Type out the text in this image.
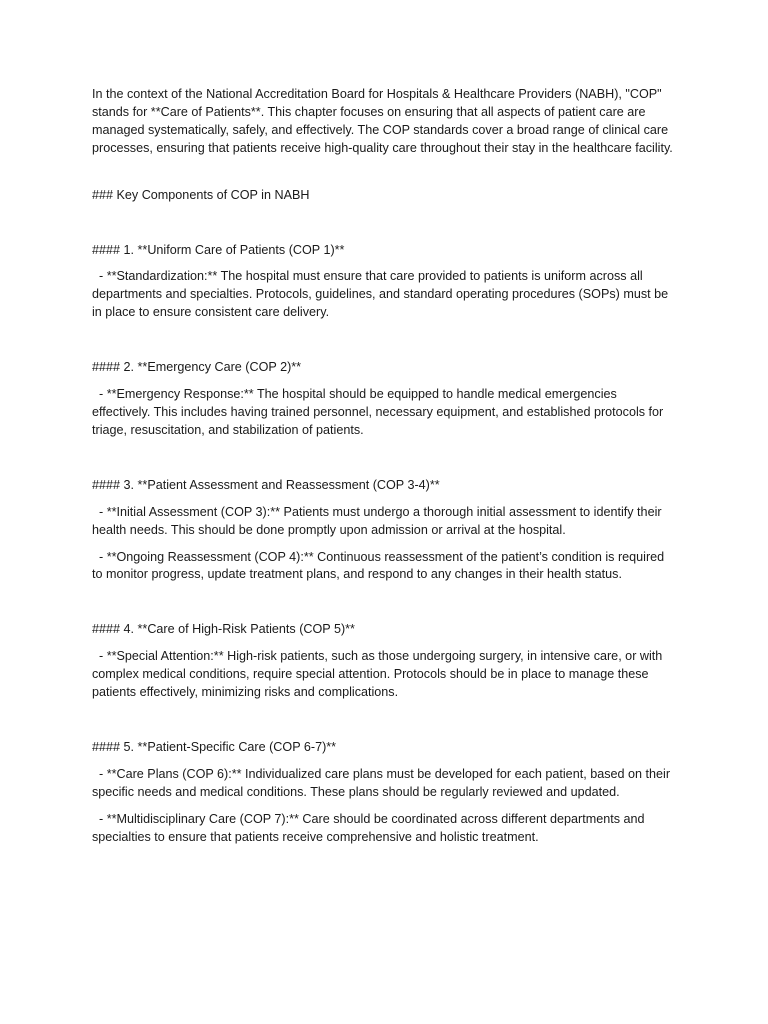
In the context of the National Accreditation Board for Hospitals & Healthcare Providers (NABH), "COP" stands for **Care of Patients**. This chapter focuses on ensuring that all aspects of patient care are managed systematically, safely, and effectively. The COP standards cover a broad range of clinical care processes, ensuring that patients receive high-quality care throughout their stay in the healthcare facility.

### Key Components of COP in NABH

#### 1. **Uniform Care of Patients (COP 1)**

- **Standardization:** The hospital must ensure that care provided to patients is uniform across all departments and specialties. Protocols, guidelines, and standard operating procedures (SOPs) must be in place to ensure consistent care delivery.

#### 2. **Emergency Care (COP 2)**

- **Emergency Response:** The hospital should be equipped to handle medical emergencies effectively. This includes having trained personnel, necessary equipment, and established protocols for triage, resuscitation, and stabilization of patients.

#### 3. **Patient Assessment and Reassessment (COP 3-4)**

- **Initial Assessment (COP 3):** Patients must undergo a thorough initial assessment to identify their health needs. This should be done promptly upon admission or arrival at the hospital.

- **Ongoing Reassessment (COP 4):** Continuous reassessment of the patient’s condition is required to monitor progress, update treatment plans, and respond to any changes in their health status.

#### 4. **Care of High-Risk Patients (COP 5)**

- **Special Attention:** High-risk patients, such as those undergoing surgery, in intensive care, or with complex medical conditions, require special attention. Protocols should be in place to manage these patients effectively, minimizing risks and complications.

#### 5. **Patient-Specific Care (COP 6-7)**

- **Care Plans (COP 6):** Individualized care plans must be developed for each patient, based on their specific needs and medical conditions. These plans should be regularly reviewed and updated.

- **Multidisciplinary Care (COP 7):** Care should be coordinated across different departments and specialties to ensure that patients receive comprehensive and holistic treatment.
